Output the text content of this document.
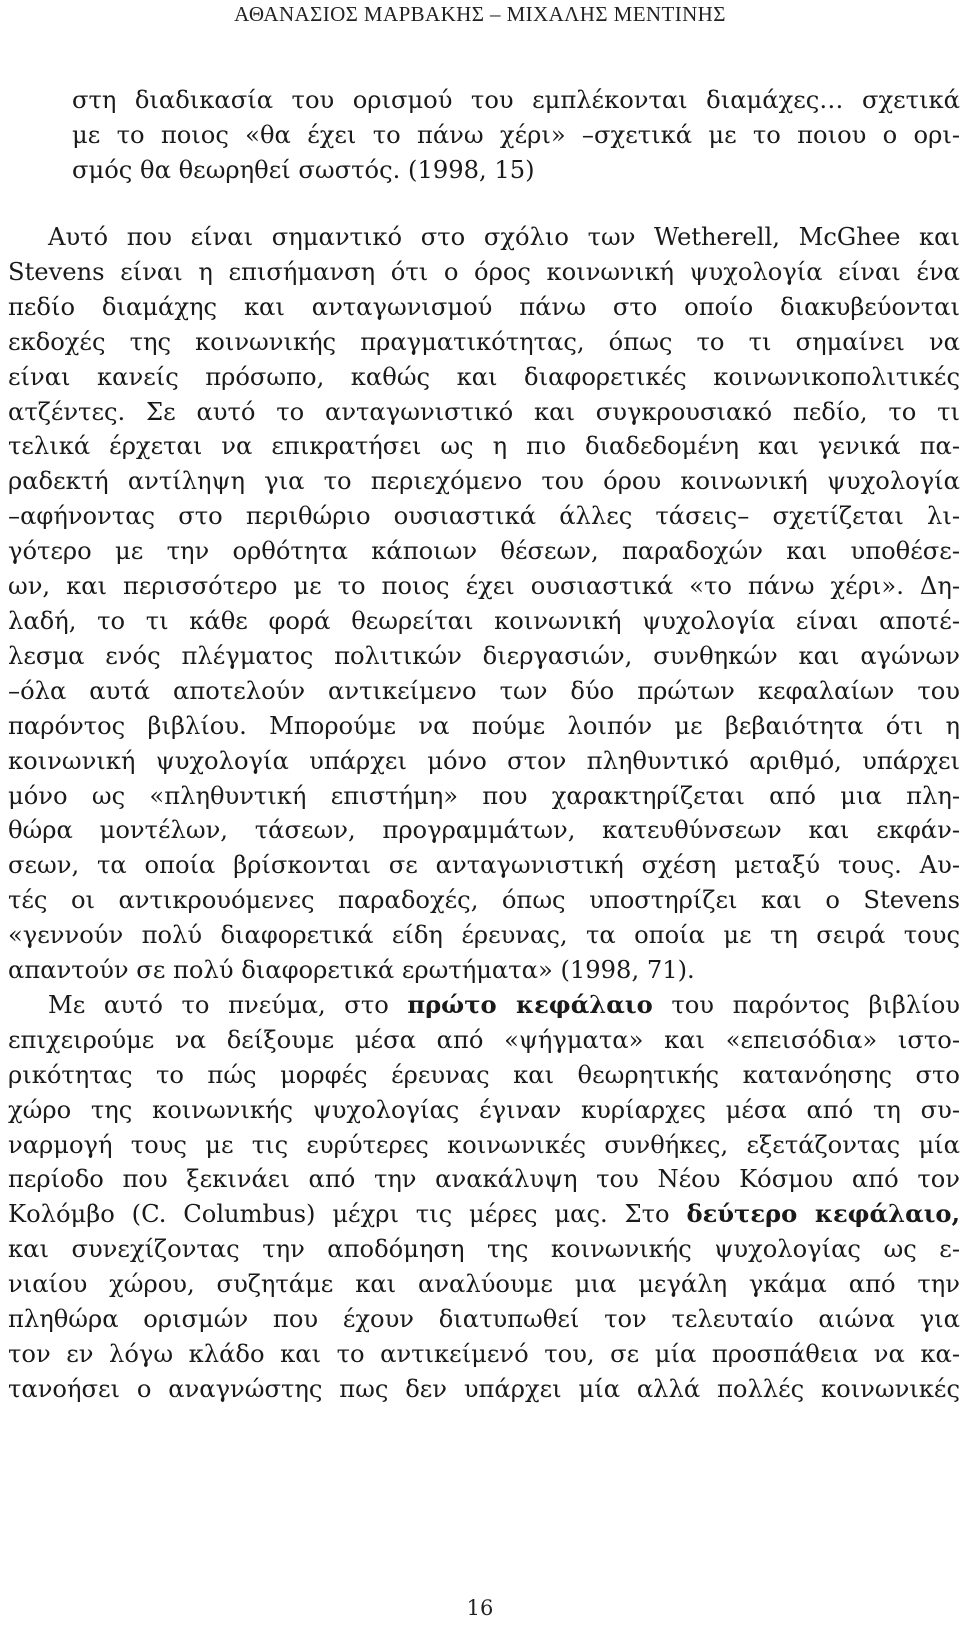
ΑΘΑΝΑΣΙΟΣ ΜΑΡΒΑΚΗΣ – ΜΙΧΑΛΗΣ ΜΕΝΤΙΝΗΣ
στη διαδικασία του ορισμού του εμπλέκονται διαμάχες… σχετικά
με το ποιος «θα έχει το πάνω χέρι» –σχετικά με το ποιου ο ορι-
σμός θα θεωρηθεί σωστός. (1998, 15)
Αυτό που είναι σημαντικό στο σχόλιο των Wetherell, McGhee και
Stevens είναι η επισήμανση ότι ο όρος κοινωνική ψυχολογία είναι ένα
πεδίο διαμάχης και ανταγωνισμού πάνω στο οποίο διακυβεύονται
εκδοχές της κοινωνικής πραγματικότητας, όπως το τι σημαίνει να
είναι κανείς πρόσωπο, καθώς και διαφορετικές κοινωνικοπολιτικές
ατζέντες. Σε αυτό το ανταγωνιστικό και συγκρουσιακό πεδίο, το τι
τελικά έρχεται να επικρατήσει ως η πιο διαδεδομένη και γενικά πα-
ραδεκτή αντίληψη για το περιεχόμενο του όρου κοινωνική ψυχολογία
–αφήνοντας στο περιθώριο ουσιαστικά άλλες τάσεις– σχετίζεται λι-
γότερο με την ορθότητα κάποιων θέσεων, παραδοχών και υποθέσε-
ων, και περισσότερο με το ποιος έχει ουσιαστικά «το πάνω χέρι». Δη-
λαδή, το τι κάθε φορά θεωρείται κοινωνική ψυχολογία είναι αποτέ-
λεσμα ενός πλέγματος πολιτικών διεργασιών, συνθηκών και αγώνων
–όλα αυτά αποτελούν αντικείμενο των δύο πρώτων κεφαλαίων του
παρόντος βιβλίου. Μπορούμε να πούμε λοιπόν με βεβαιότητα ότι η
κοινωνική ψυχολογία υπάρχει μόνο στον πληθυντικό αριθμό, υπάρχει
μόνο ως «πληθυντική επιστήμη» που χαρακτηρίζεται από μια πλη-
θώρα μοντέλων, τάσεων, προγραμμάτων, κατευθύνσεων και εκφάν-
σεων, τα οποία βρίσκονται σε ανταγωνιστική σχέση μεταξύ τους. Αυ-
τές οι αντικρουόμενες παραδοχές, όπως υποστηρίζει και ο Stevens
«γεννούν πολύ διαφορετικά είδη έρευνας, τα οποία με τη σειρά τους
απαντούν σε πολύ διαφορετικά ερωτήματα» (1998, 71).
Με αυτό το πνεύμα, στο πρώτο κεφάλαιο του παρόντος βιβλίου
επιχειρούμε να δείξουμε μέσα από «ψήγματα» και «επεισόδια» ιστο-
ρικότητας το πώς μορφές έρευνας και θεωρητικής κατανόησης στο
χώρο της κοινωνικής ψυχολογίας έγιναν κυρίαρχες μέσα από τη συ-
ναρμογή τους με τις ευρύτερες κοινωνικές συνθήκες, εξετάζοντας μία
περίοδο που ξεκινάει από την ανακάλυψη του Νέου Κόσμου από τον
Κολόμβο (C. Columbus) μέχρι τις μέρες μας. Στο δεύτερο κεφάλαιο,
και συνεχίζοντας την αποδόμηση της κοινωνικής ψυχολογίας ως ε-
νιαίου χώρου, συζητάμε και αναλύουμε μια μεγάλη γκάμα από την
πληθώρα ορισμών που έχουν διατυπωθεί τον τελευταίο αιώνα για
τον εν λόγω κλάδο και το αντικείμενό του, σε μία προσπάθεια να κα-
τανοήσει ο αναγνώστης πως δεν υπάρχει μία αλλά πολλές κοινωνικές
16
